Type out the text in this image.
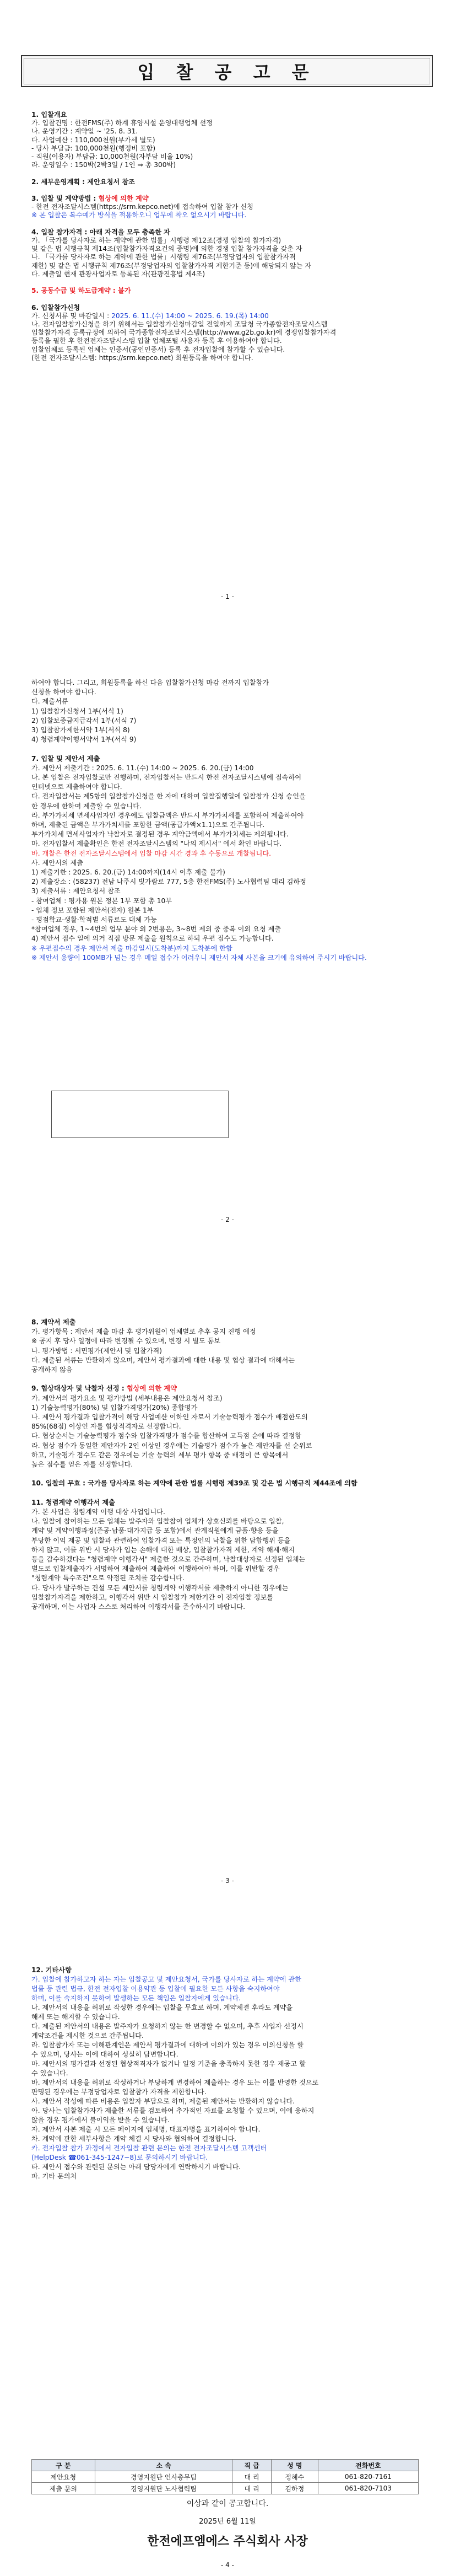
입 찰 공 고 문
1. 입찰개요
가. 입찰건명 : 한전FMS(주) 하계 휴양시설 운영대행업체 선정
나. 운영기간 : 계약일 ~ '25. 8. 31.
다. 사업예산 : 110,000천원(부가세 별도)
- 당사 부담금: 100,000천원(행정비 포함)
- 직원(이용자) 부담금: 10,000천원(자부담 비율 10%)
라. 운영일수 : 150박(2박3일 / 1인 ⇒ 총 300박)
2. 세부운영계획 : 제안요청서 참조
3. 입찰 및 계약방법 : 협상에 의한 계약
- 한전 전자조달시스템(https://srm.kepco.net)에 접속하여 입찰 참가 신청
※ 본 입찰은 복수예가 방식을 적용하오니 업무에 착오 없으시기 바랍니다.
4. 입찰 참가자격 : 아래 자격을 모두 충족한 자
가. 「국가를 당사자로 하는 계약에 관한 법률」시행령 제12조(경쟁 입찰의 참가자격)
및 같은 법 시행규칙 제14조(입찰참가자격요건의 증명)에 의한 경쟁 입찰 참가자격을 갖춘 자
나. 「국가를 당사자로 하는 계약에 관한 법률」시행령 제76조(부정당업자의 입찰참가자격
제한) 및 같은 법 시행규칙 제76조(부정당업자의 입찰참가자격 제한기준 등)에 해당되지 않는 자
다. 제출일 현재 관광사업자로 등록된 자(관광진흥법 제4조)
5. 공동수급 및 하도급계약 : 불가
6. 입찰참가신청
가. 신청서류 및 마감일시 : 2025. 6. 11.(수) 14:00 ~ 2025. 6. 19.(목) 14:00
나. 전자입찰참가신청을 하기 위해서는 입찰참가신청마감일 전일까지 조달청 국가종합전자조달시스템
입찰참가자격 등록규정에 의하여 국가종합전자조달시스템(http://www.g2b.go.kr)에 경쟁입찰참가자격
등록을 필한 후 한전전자조달시스템 입찰 업체포털 사용자 등록 후 이용하여야 합니다.
입찰업체로 등록된 업체는 인증서(공인인증서) 등록 후 전자입찰에 참가할 수 있습니다.
(한전 전자조달시스템: https://srm.kepco.net) 회원등록을 하여야 합니다.
- 1 -
하여야 합니다. 그리고, 회원등록을 하신 다음 입찰참가신청 마감 전까지 입찰참가
신청을 하여야 합니다.
다. 제출서류
1) 입찰참가신청서 1부(서식 1)
2) 입찰보증금지급각서 1부(서식 7)
3) 입찰참가제한서약 1부(서식 8)
4) 청렴계약이행서약서 1부(서식 9)
7. 입찰 및 제안서 제출
가. 제안서 제출기간 : 2025. 6. 11.(수) 14:00 ~ 2025. 6. 20.(금) 14:00
나. 본 입찰은 전자입찰로만 진행하며, 전자입찰서는 반드시 한전 전자조달시스템에 접속하여
인터넷으로 제출하여야 합니다.
다. 전자입찰서는 제5항의 입찰참가신청을 한 자에 대하여 입찰집행일에 입찰참가 신청 승인을
한 경우에 한하여 제출할 수 있습니다.
라. 부가가치세 면세사업자인 경우에도 입찰금액은 반드시 부가가치세를 포함하여 제출하여야
하며, 제출된 금액은 부가가치세를 포함한 금액(공급가액×1.1)으로 간주됩니다.
부가가치세 면세사업자가 낙찰자로 결정된 경우 계약금액에서 부가가치세는 제외됩니다.
마. 전자입찰서 제출확인은 한전 전자조달시스템의 "나의 제시서" 에서 확인 바랍니다.
바. 개찰은 한전 전자조달시스템에서 입찰 마감 시간 경과 후 수동으로 개찰됩니다.
사. 제안서의 제출
1) 제출기한 : 2025. 6. 20.(금) 14:00까지(14시 이후 제출 불가)
2) 제출장소 : (58237) 전남 나주시 빛가람로 777, 5층 한전FMS(주) 노사협력팀 대리 김하정
3) 제출서류 : 제안요청서 참조
- 참여업체 : 평가용 원본 정본 1부 포함 총 10부
- 업체 정보 포함된 제안서(전자) 원본 1부
- 평점학교·생활·학적별 서류로도 대체 가능
*참여업체 경우, 1~4번의 업무 분야 외 2번용은, 3~8번 제외 중 중복 이외 요청 제출
4) 제안서 접수 일에 의거 직접 방문 제출을 원칙으로 하되 우편 접수도 가능합니다.
※ 우편접수의 경우 제안서 제출 마감일시(도착분)까지 도착분에 한함
※ 제안서 용량이 100MB가 넘는 경우 메일 접수가 어려우니 제안서 자체 사본을 크기에 유의하여 주시기 바랍니다.
- 2 -
8. 계약서 제출
가. 평가항목 : 제안서 제출 마감 후 평가위원이 업체별로 추후 공지 진행 예정
※ 공지 후 당사 일정에 따라 변경될 수 있으며, 변경 시 별도 통보
나. 평가방법 : 서면평가(제안서 및 입찰가격)
다. 제출된 서류는 반환하지 않으며, 제안서 평가결과에 대한 내용 및 협상 결과에 대해서는
공개하지 않음
9. 협상대상자 및 낙찰자 선정 : 협상에 의한 계약
가. 제안서의 평가요소 및 평가방법 (세부내용은 제안요청서 참조)
1) 기술능력평가(80%) 및 입찰가격평가(20%) 종합평가
나. 제안서 평가결과 입찰가격이 해당 사업예산 이하인 자로서 기술능력평가 점수가 배점한도의
85%(68점) 이상인 자를 협상적격자로 선정합니다.
다. 협상순서는 기술능력평가 점수와 입찰가격평가 점수를 합산하여 고득점 순에 따라 결정함
라. 협상 점수가 동일한 제안자가 2인 이상인 경우에는 기술평가 점수가 높은 제안자를 선 순위로
하고, 기술평가 점수도 같은 경우에는 기술 능력의 세부 평가 항목 중 배점이 큰 항목에서
높은 점수를 얻은 자를 선정합니다.
10. 입찰의 무효 : 국가를 당사자로 하는 계약에 관한 법률 시행령 제39조 및 같은 법 시행규칙 제44조에 의함
11. 청렴계약 이행각서 제출
가. 본 사업은 청렴계약 이행 대상 사업입니다.
나. 입찰에 참여하는 모든 업체는 발주자와 입찰참여 업체가 상호신뢰를 바탕으로 입찰,
계약 및 계약이행과정(준공·납품·대가지급 등 포함)에서 관계직원에게 금품·향응 등을
부당한 이익 제공 및 입찰과 관련하여 입찰가격 또는 특정인의 낙찰을 위한 담합행위 등을
하지 않고, 이를 위반 시 당사가 입는 손해에 대한 배상, 입찰참가자격 제한, 계약 해제·해지
등을 감수하겠다는 "청렴계약 이행각서" 제출한 것으로 간주하며, 낙찰대상자로 선정된 업체는
별도로 입찰제출자가 서명하여 제출하여 제출하여 이행하여야 하며, 이를 위반할 경우
"청렴계약 특수조건"으로 약정된 조치를 감수합니다.
다. 당사가 발주하는 건설 모든 제안서를 청렴계약 이행각서를 제출하지 아니한 경우에는
입찰참가자격을 제한하고, 이행각서 위반 시 입찰참가 제한기간 이 전자입찰 정보를
공개하며, 이는 사업자 스스로 처리하여 이행각서를 준수하시기 바랍니다.
- 3 -
12. 기타사항
가. 입찰에 참가하고자 하는 자는 입찰공고 및 제안요청서, 국가를 당사자로 하는 계약에 관한
법률 등 관련 법규, 한전 전자입찰 이용약관 등 입찰에 필요한 모든 사항을 숙지하여야
하며, 이를 숙지하지 못하여 발생하는 모든 책임은 입찰자에게 있습니다.
나. 제안서의 내용을 허위로 작성한 경우에는 입찰을 무효로 하며, 계약체결 후라도 계약을
해제 또는 해지할 수 있습니다.
다. 제출된 제안서의 내용은 발주자가 요청하지 않는 한 변경할 수 없으며, 추후 사업자 선정시
계약조건을 제시한 것으로 간주됩니다.
라. 입찰참가자 또는 이해관계인은 제안서 평가결과에 대하여 이의가 있는 경우 이의신청을 할
수 있으며, 당사는 이에 대하여 성실히 답변합니다.
마. 제안서의 평가결과 선정된 협상적격자가 없거나 일정 기준을 충족하지 못한 경우 재공고 할
수 있습니다.
바. 제안서의 내용을 허위로 작성하거나 부당하게 변경하여 제출하는 경우 또는 이를 반영한 것으로
판명된 경우에는 부정당업자로 입찰참가 자격을 제한합니다.
사. 제안서 작성에 따른 비용은 입찰자 부담으로 하며, 제출된 제안서는 반환하지 않습니다.
아. 당사는 입찰참가자가 제출한 서류를 검토하여 추가적인 자료를 요청할 수 있으며, 이에 응하지
않을 경우 평가에서 불이익을 받을 수 있습니다.
자. 제안서 사본 제출 시 모든 페이지에 업체명, 대표자명을 표기하여야 합니다.
차. 계약에 관한 세부사항은 계약 체결 시 당사와 협의하여 결정합니다.
카. 전자입찰 참가 과정에서 전자입찰 관련 문의는 한전 전자조달시스템 고객센터
(HelpDesk ☎061-345-1247~8)로 문의하시기 바랍니다.
타. 제안서 접수와 관련된 문의는 아래 담당자에게 연락하시기 바랍니다.
파. 기타 문의처
구 분	소 속	직 급	성 명	전화번호
제안요청	경영지원단 인사총무팀	대 리	정혜수	061-820-7161
제출 문의	경영지원단 노사협력팀	대 리	김하정	061-820-7103
이상과 같이 공고합니다.
2025년 6월 11일
한전에프엠에스 주식회사 사장
- 4 -
